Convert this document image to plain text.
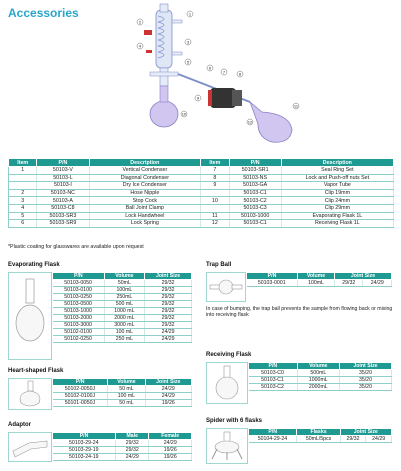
Accessories	1
2
3
4
5
6
7	8
9
10
11
12
Item	P/N	Description	Item	P/N	Description
1	50103-V	Vertical Condenser	7	50103-SR1	Seal Ring Set
	50103-L	Diagonal Condenser	8	50103-NS	Lock and Push-off nuts Set
	50103-I	Dry Ice Condenser	9	50103-GA	Vapor Tube
2	50103-NC	Hose Nipple		50103-C1	Clip 19mm
3	50103-A	Stop Cock	10	50103-C2	Clip 24mm
4	50103-C8	Ball Joint Clamp		50103-C3	Clip 29mm
5	50103-SR3	Lock Handwheel	11	50103-1000	Evaporating Flask 1L
6	50103-SR9	Lock Spring	12	50103-C1	Receiving Flask 1L
*Plastic coating for glasswares are available upon request
Evaporating Flask
P/N	Volume	Joint Size
50103-0050	50mL	29/32
50103-0100	100mL	29/32
50103-0250	250mL	29/32
50103-0500	500 mL	29/32
50103-1000	1000 mL	29/32
50103-2000	2000 mL	29/32
50103-3000	3000 mL	29/32
50102-0100	100 mL	24/29
50102-0250	250 mL	24/29
Heart-shaped Flask
P/N	Volume	Joint Size
50102-0050J	50 mL	24/29
50102-0100J	100 mL	24/29
50101-0050J	50 mL	19/26
Adaptor
P/N	Male	Female
50103-29-24	29/32	24/29
50103-29-19	29/32	19/26
50103-24-19	24/29	19/26
Trap Ball
P/N	Volume	Joint Size	
50103-0001	100mL	29/32	24/29
In case of bumping, the trap ball prevents the sample from flowing back or mixing into receiving flask
Receiving Flask
P/N	Volume	Joint Size
50103-C0	500mL	35/20
50103-C1	1000mL	35/20
50103-C2	2000mL	35/20
Spider with 6 flasks
P/N	Flasks	Joint Size	
50104-29-24	50mL/5pcs	29/32	24/29
